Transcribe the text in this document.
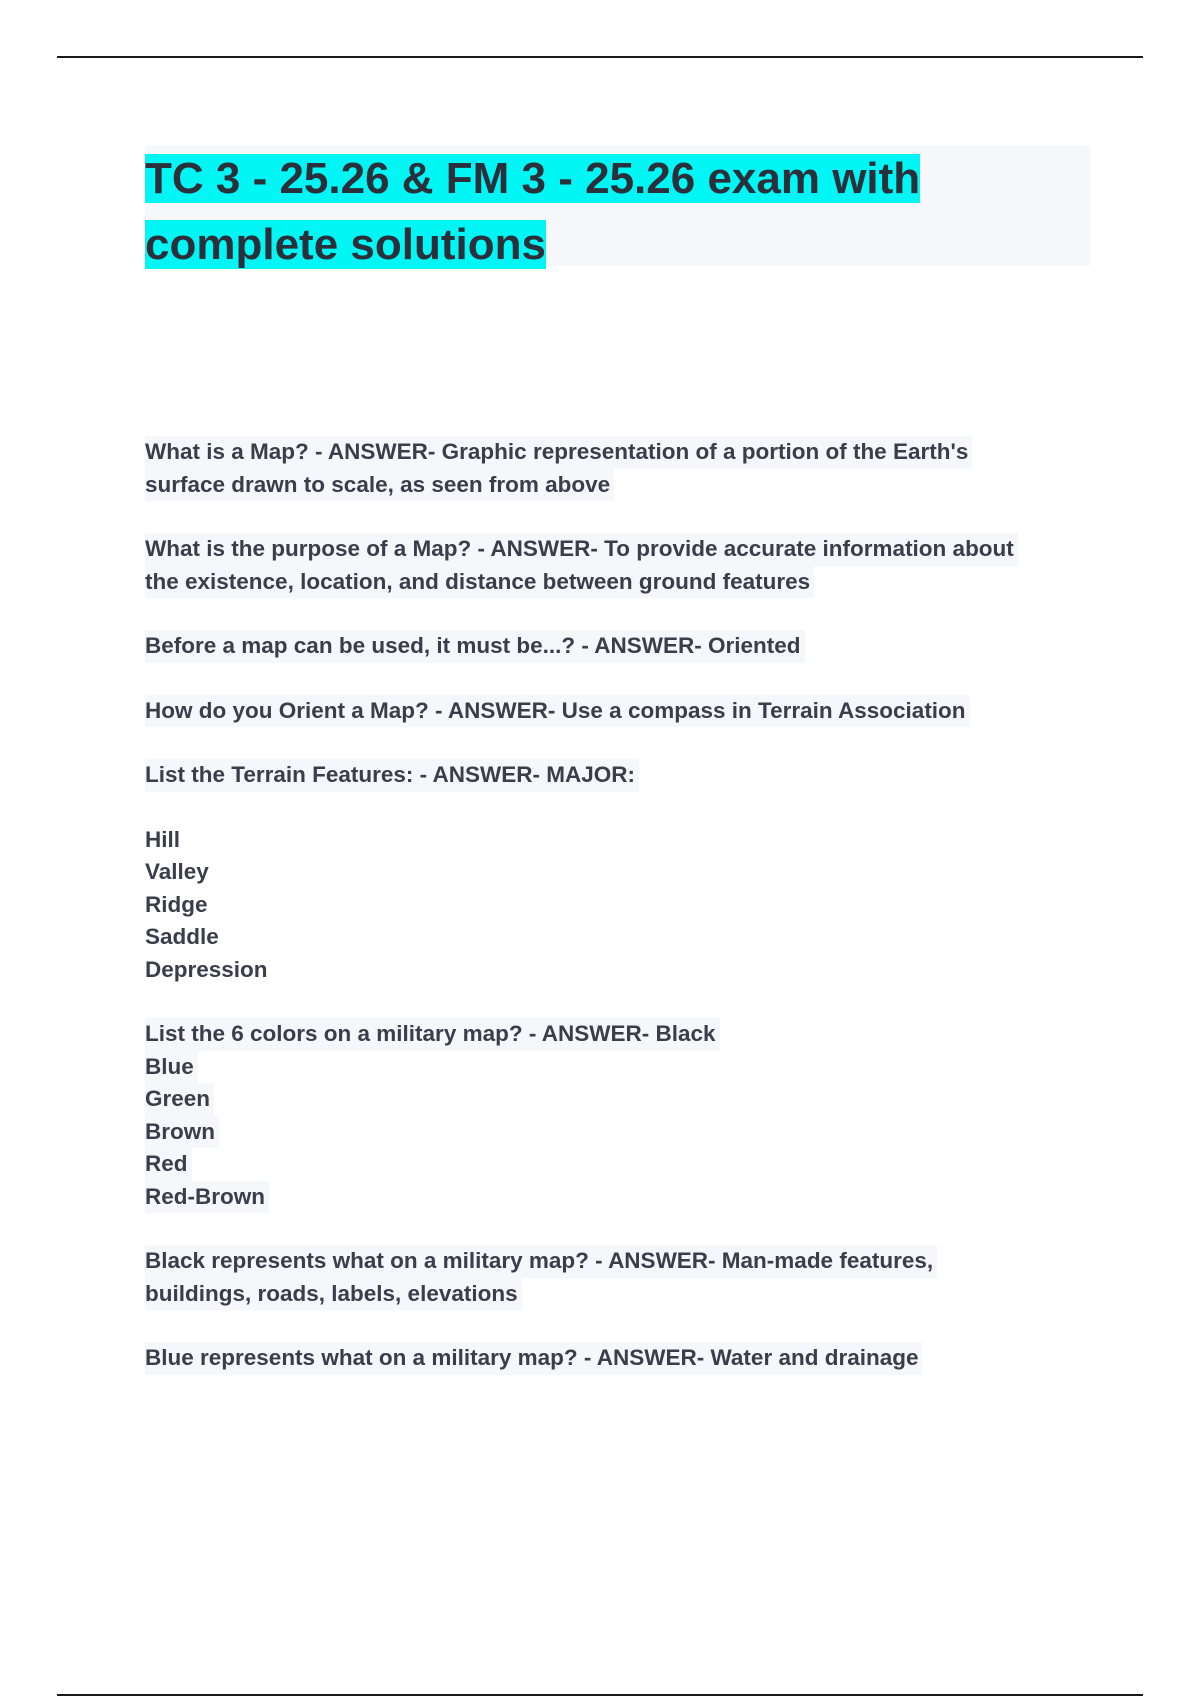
TC 3 - 25.26 & FM 3 - 25.26 exam with
complete solutions
What is a Map? - ANSWER- Graphic representation of a portion of the Earth's
surface drawn to scale, as seen from above
What is the purpose of a Map? - ANSWER- To provide accurate information about
the existence, location, and distance between ground features
Before a map can be used, it must be...? - ANSWER- Oriented
How do you Orient a Map? - ANSWER- Use a compass in Terrain Association
List the Terrain Features: - ANSWER- MAJOR:
Hill
Valley
Ridge
Saddle
Depression
List the 6 colors on a military map? - ANSWER- Black
Blue
Green
Brown
Red
Red-Brown
Black represents what on a military map? - ANSWER- Man-made features,
buildings, roads, labels, elevations
Blue represents what on a military map? - ANSWER- Water and drainage
